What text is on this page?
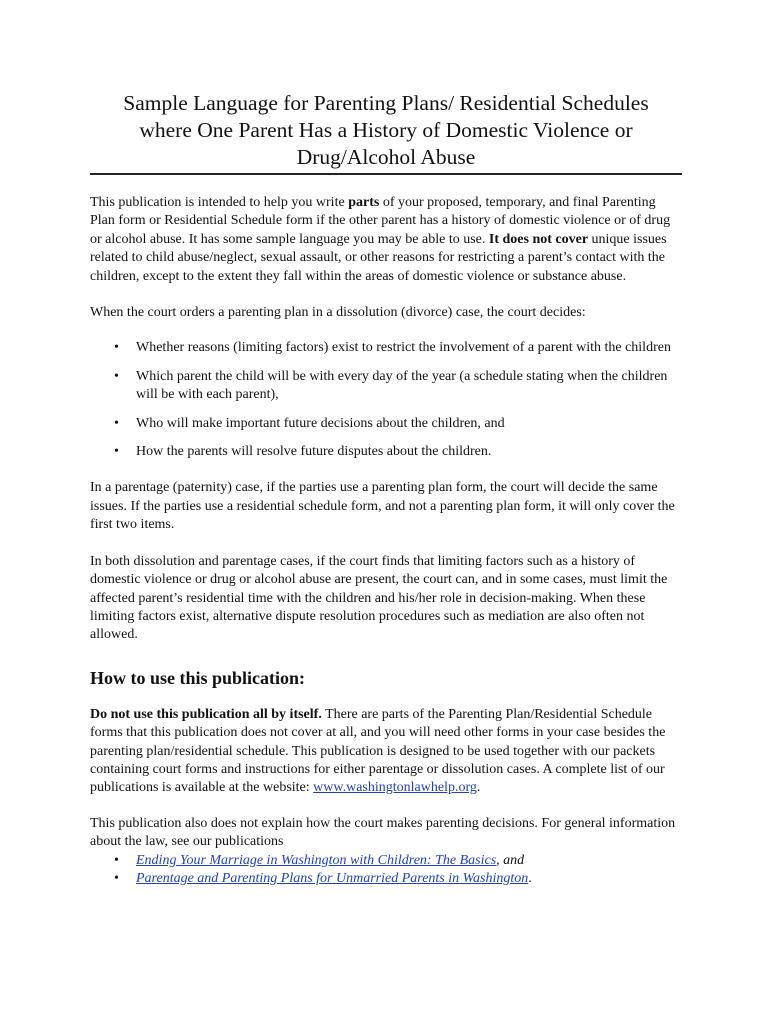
Sample Language for Parenting Plans/ Residential Schedules
where One Parent Has a History of Domestic Violence or
Drug/Alcohol Abuse

This publication is intended to help you write parts of your proposed, temporary, and final Parenting Plan form or Residential Schedule form if the other parent has a history of domestic violence or of drug or alcohol abuse. It has some sample language you may be able to use. It does not cover unique issues related to child abuse/neglect, sexual assault, or other reasons for restricting a parent’s contact with the children, except to the extent they fall within the areas of domestic violence or substance abuse.

When the court orders a parenting plan in a dissolution (divorce) case, the court decides:

• Whether reasons (limiting factors) exist to restrict the involvement of a parent with the children
• Which parent the child will be with every day of the year (a schedule stating when the children will be with each parent),
• Who will make important future decisions about the children, and
• How the parents will resolve future disputes about the children.

In a parentage (paternity) case, if the parties use a parenting plan form, the court will decide the same issues. If the parties use a residential schedule form, and not a parenting plan form, it will only cover the first two items.

In both dissolution and parentage cases, if the court finds that limiting factors such as a history of domestic violence or drug or alcohol abuse are present, the court can, and in some cases, must limit the affected parent’s residential time with the children and his/her role in decision-making. When these limiting factors exist, alternative dispute resolution procedures such as mediation are also often not allowed.

How to use this publication:

Do not use this publication all by itself. There are parts of the Parenting Plan/Residential Schedule forms that this publication does not cover at all, and you will need other forms in your case besides the parenting plan/residential schedule. This publication is designed to be used together with our packets containing court forms and instructions for either parentage or dissolution cases. A complete list of our publications is available at the website: www.washingtonlawhelp.org.

This publication also does not explain how the court makes parenting decisions. For general information about the law, see our publications

• Ending Your Marriage in Washington with Children: The Basics, and
• Parentage and Parenting Plans for Unmarried Parents in Washington.
